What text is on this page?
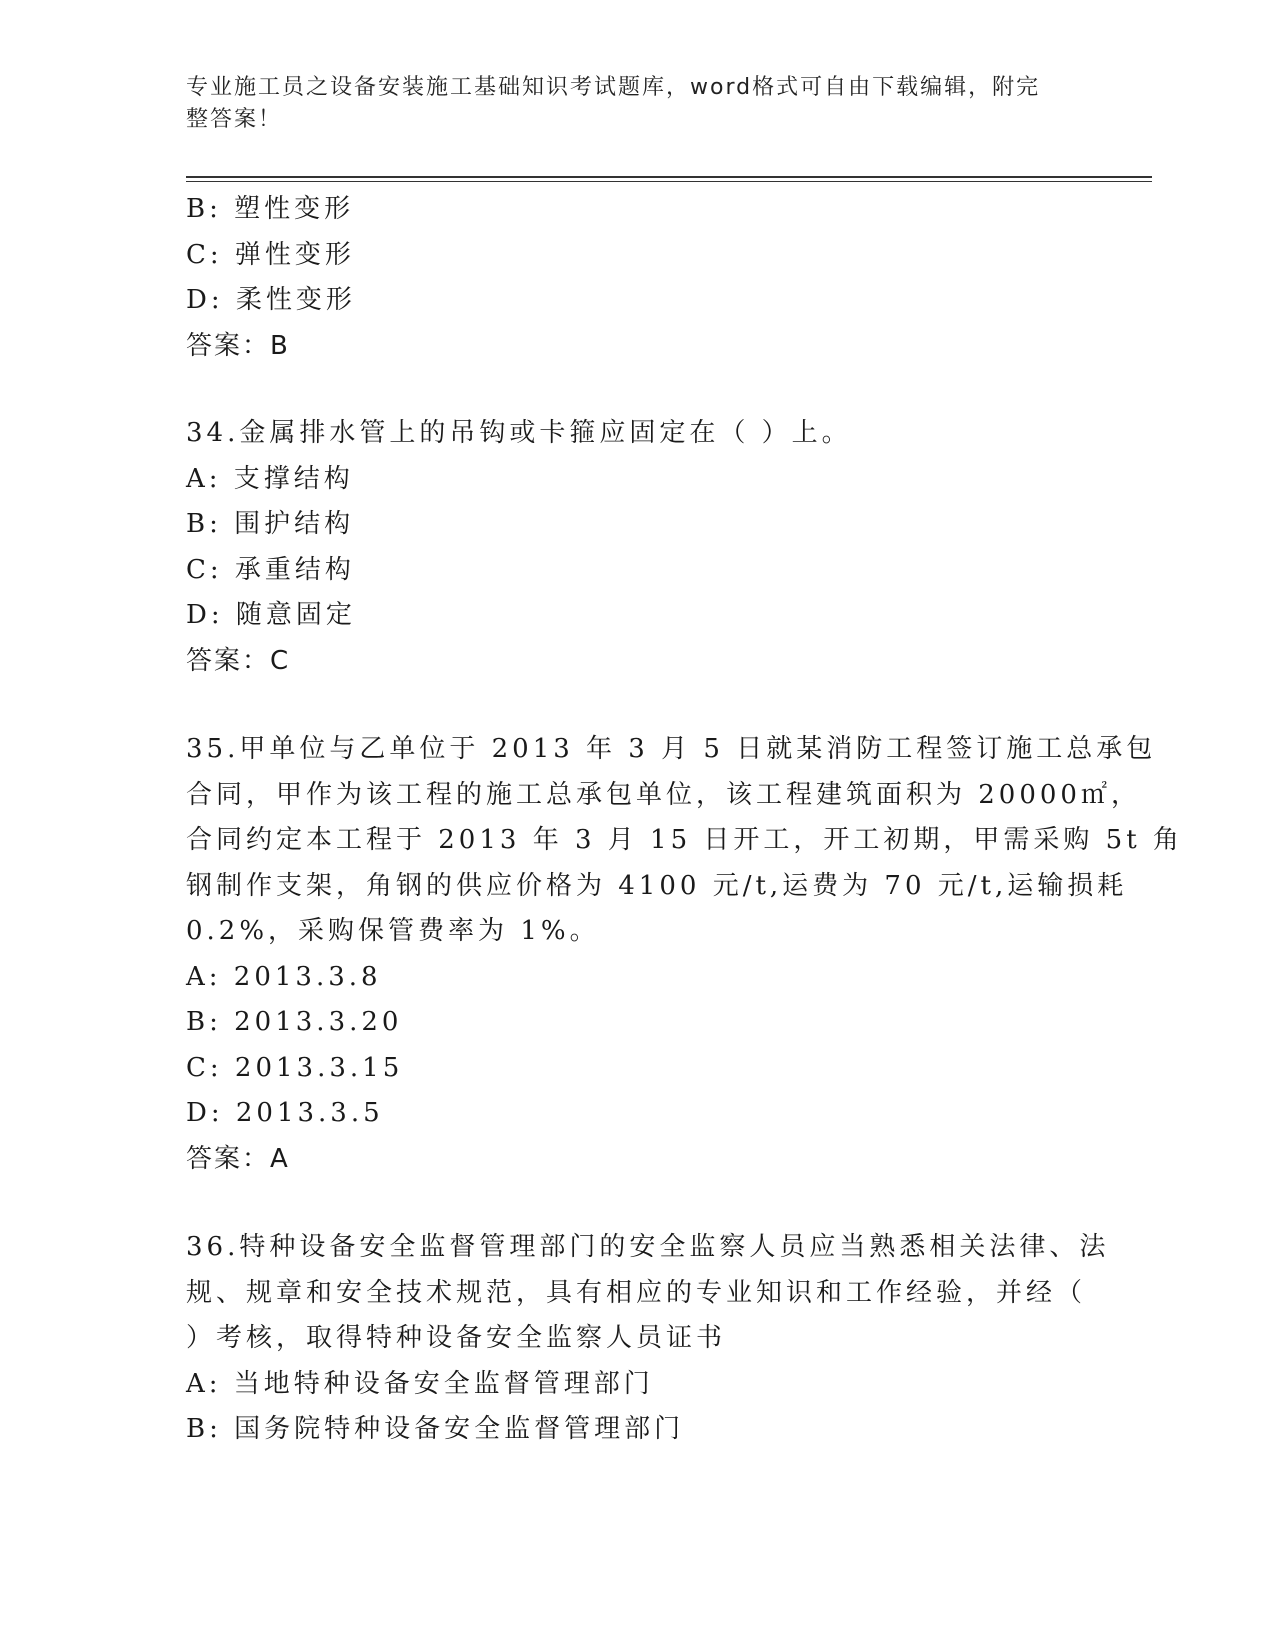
专业施工员之设备安装施工基础知识考试题库，word格式可自由下载编辑，附完
整答案！
B: 塑性变形
C: 弹性变形
D: 柔性变形
答案：B
34.金属排水管上的吊钩或卡箍应固定在（ ）上。
A: 支撑结构
B: 围护结构
C: 承重结构
D: 随意固定
答案：C
35.甲单位与乙单位于 2013 年 3 月 5 日就某消防工程签订施工总承包
合同，甲作为该工程的施工总承包单位，该工程建筑面积为 20000㎡，
合同约定本工程于 2013 年 3 月 15 日开工，开工初期，甲需采购 5t 角
钢制作支架，角钢的供应价格为 4100 元/t,运费为 70 元/t,运输损耗
0.2%，采购保管费率为 1%。
A: 2013.3.8
B: 2013.3.20
C: 2013.3.15
D: 2013.3.5
答案：A
36.特种设备安全监督管理部门的安全监察人员应当熟悉相关法律、法
规、规章和安全技术规范，具有相应的专业知识和工作经验，并经（
）考核，取得特种设备安全监察人员证书
A: 当地特种设备安全监督管理部门
B: 国务院特种设备安全监督管理部门
